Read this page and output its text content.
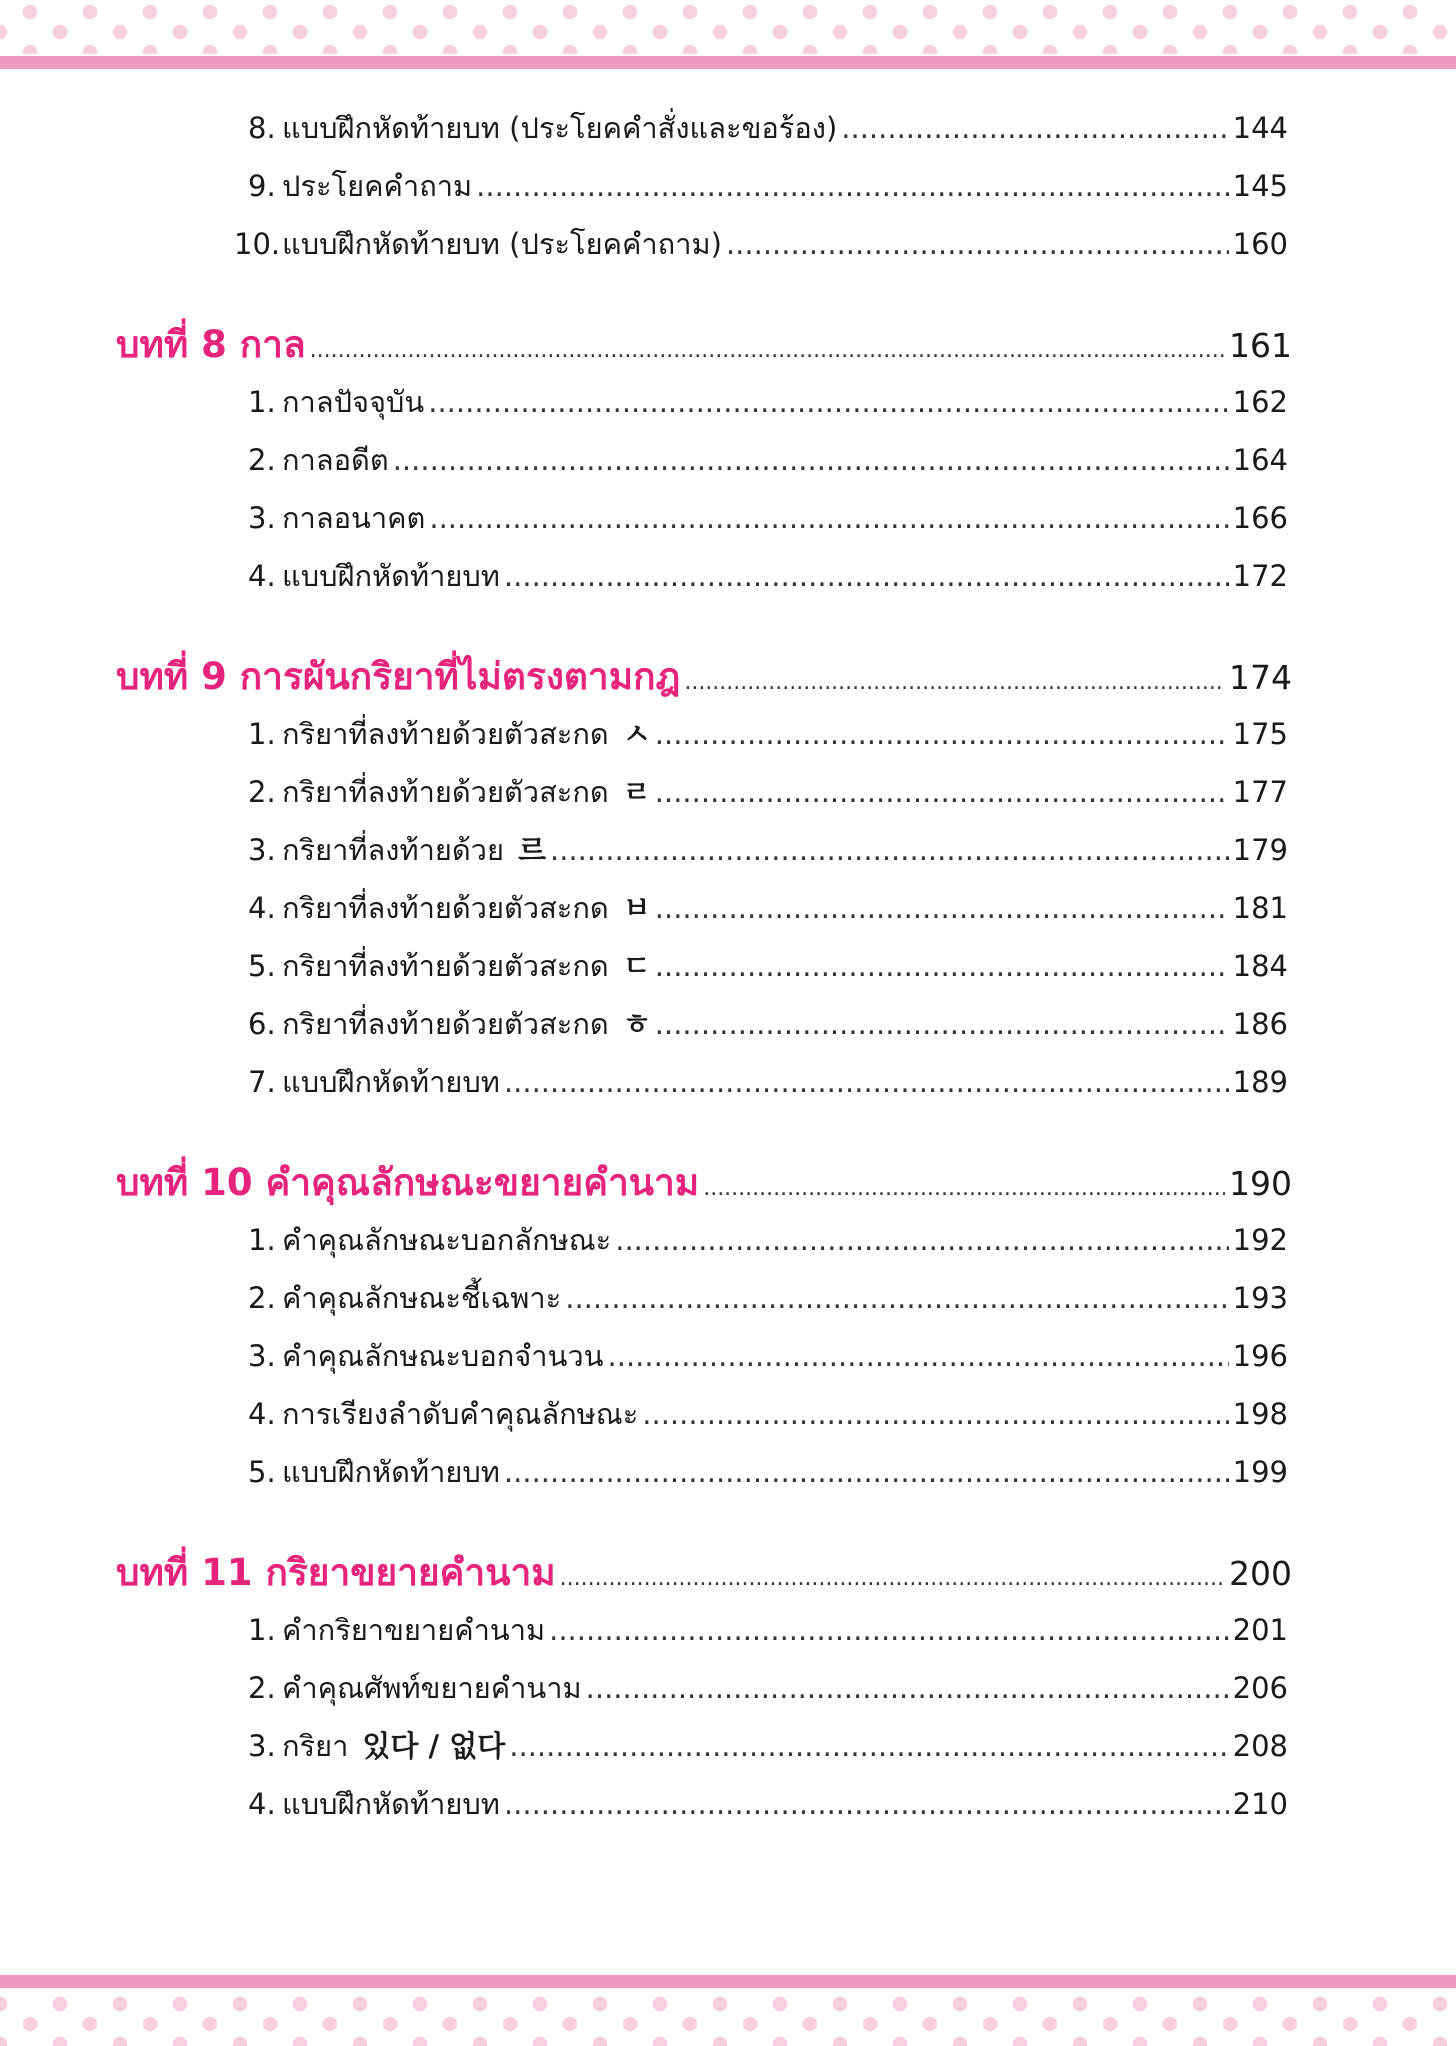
8. แบบฝึกหัดท้ายบท (ประโยคคำสั่งและขอร้อง) .....	144
9. ประโยคคำถาม .....	145
10.แบบฝึกหัดท้ายบท (ประโยคคำถาม) .....	160
บทที่ 8 กาล .....	161
1. กาลปัจจุบัน .....	162
2. กาลอดีต .....	164
3. กาลอนาคต .....	166
4. แบบฝึกหัดท้ายบท .....	172
บทที่ 9 การผันกริยาที่ไม่ตรงตามกฎ .....	174
1. กริยาที่ลงท้ายด้วยตัวสะกด ㅅ .....	175
2. กริยาที่ลงท้ายด้วยตัวสะกด ㄹ .....	177
3. กริยาที่ลงท้ายด้วย 르 .....	179
4. กริยาที่ลงท้ายด้วยตัวสะกด ㅂ .....	181
5. กริยาที่ลงท้ายด้วยตัวสะกด ㄷ .....	184
6. กริยาที่ลงท้ายด้วยตัวสะกด ㅎ .....	186
7. แบบฝึกหัดท้ายบท .....	189
บทที่ 10 คำคุณลักษณะขยายคำนาม .....	190
1. คำคุณลักษณะบอกลักษณะ .....	192
2. คำคุณลักษณะชี้เฉพาะ .....	193
3. คำคุณลักษณะบอกจำนวน .....	196
4. การเรียงลำดับคำคุณลักษณะ .....	198
5. แบบฝึกหัดท้ายบท .....	199
บทที่ 11 กริยาขยายคำนาม .....	200
1. คำกริยาขยายคำนาม .....	201
2. คำคุณศัพท์ขยายคำนาม .....	206
3. กริยา 있다 / 없다 .....	208
4. แบบฝึกหัดท้ายบท .....	210
